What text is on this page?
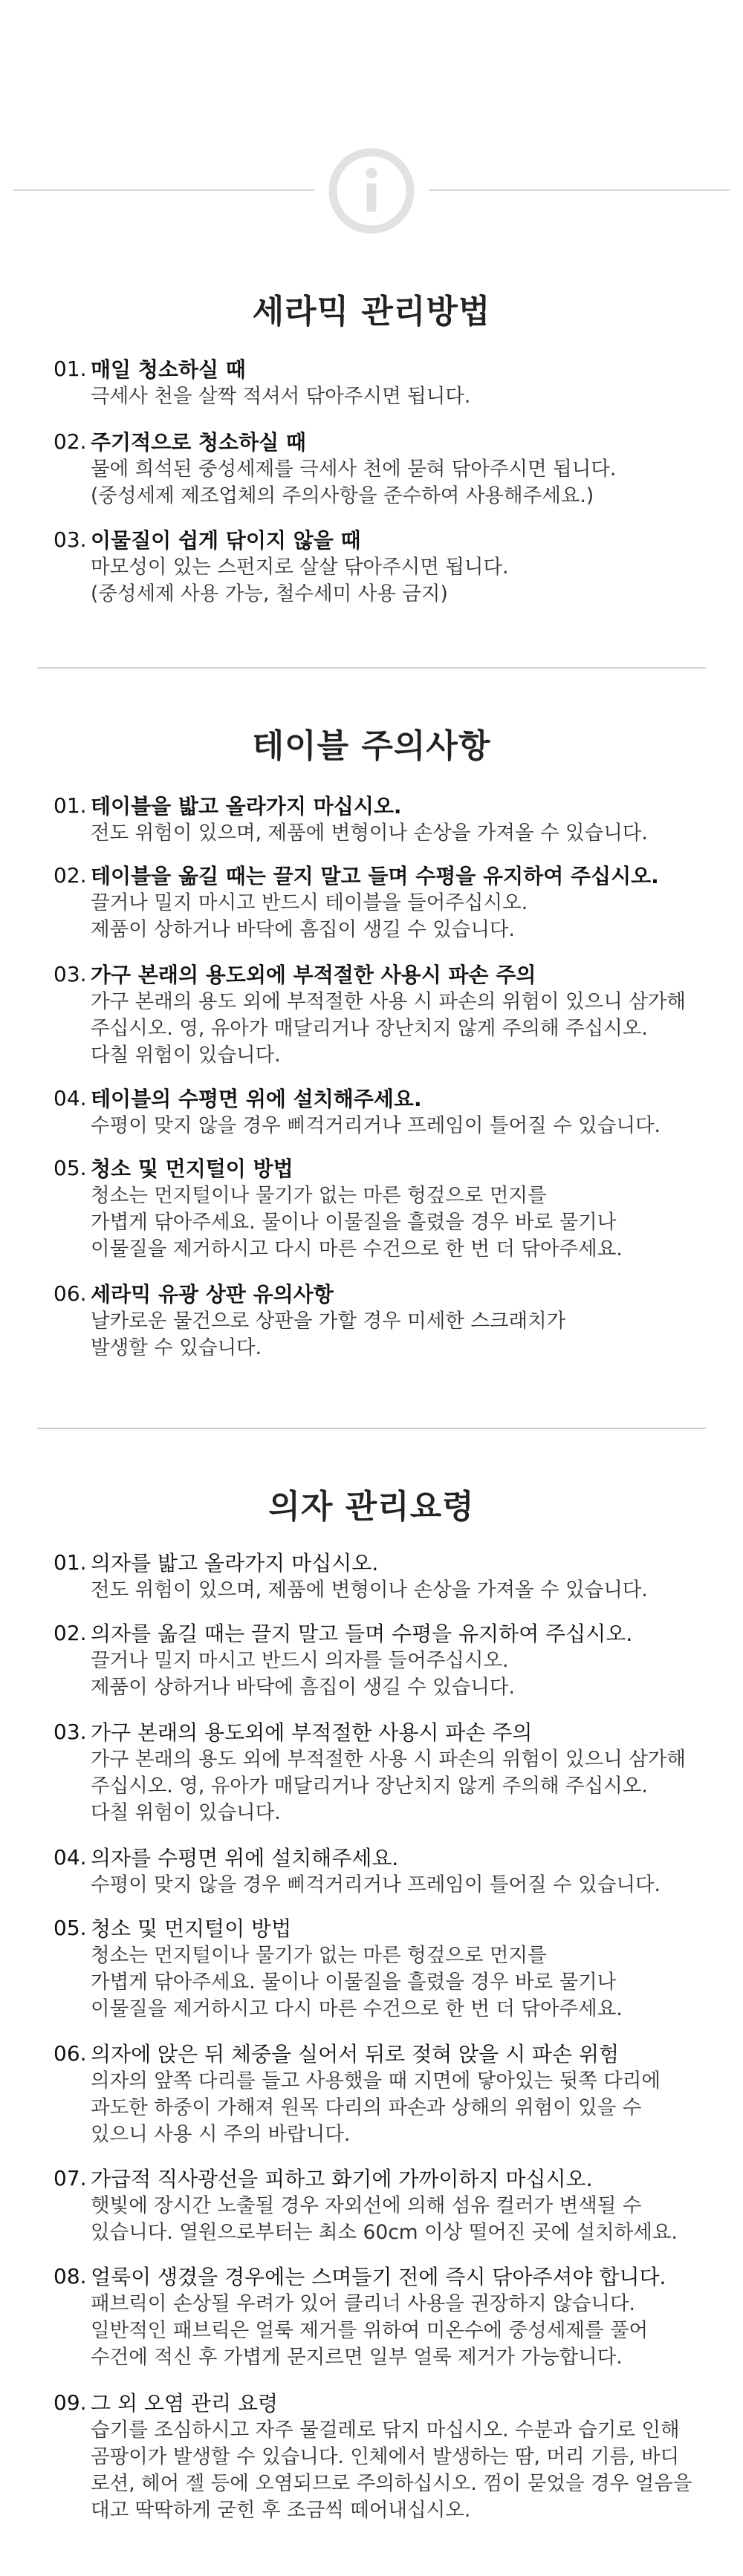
세라믹 관리방법
01. 매일 청소하실 때
극세사 천을 살짝 적셔서 닦아주시면 됩니다.
02. 주기적으로 청소하실 때
물에 희석된 중성세제를 극세사 천에 묻혀 닦아주시면 됩니다.
(중성세제 제조업체의 주의사항을 준수하여 사용해주세요.)
03. 이물질이 쉽게 닦이지 않을 때
마모성이 있는 스펀지로 살살 닦아주시면 됩니다.
(중성세제 사용 가능, 철수세미 사용 금지)
테이블 주의사항
01. 테이블을 밟고 올라가지 마십시오.
전도 위험이 있으며, 제품에 변형이나 손상을 가져올 수 있습니다.
02. 테이블을 옮길 때는 끌지 말고 들며 수평을 유지하여 주십시오.
끌거나 밀지 마시고 반드시 테이블을 들어주십시오.
제품이 상하거나 바닥에 흠집이 생길 수 있습니다.
03. 가구 본래의 용도외에 부적절한 사용시 파손 주의
가구 본래의 용도 외에 부적절한 사용 시 파손의 위험이 있으니 삼가해
주십시오. 영, 유아가 매달리거나 장난치지 않게 주의해 주십시오.
다칠 위험이 있습니다.
04. 테이블의 수평면 위에 설치해주세요.
수평이 맞지 않을 경우 삐걱거리거나 프레임이 틀어질 수 있습니다.
05. 청소 및 먼지털이 방법
청소는 먼지털이나 물기가 없는 마른 헝겊으로 먼지를
가볍게 닦아주세요. 물이나 이물질을 흘렸을 경우 바로 물기나
이물질을 제거하시고 다시 마른 수건으로 한 번 더 닦아주세요.
06. 세라믹 유광 상판 유의사항
날카로운 물건으로 상판을 가할 경우 미세한 스크래치가
발생할 수 있습니다.
의자 관리요령
01. 의자를 밟고 올라가지 마십시오.
전도 위험이 있으며, 제품에 변형이나 손상을 가져올 수 있습니다.
02. 의자를 옮길 때는 끌지 말고 들며 수평을 유지하여 주십시오.
끌거나 밀지 마시고 반드시 의자를 들어주십시오.
제품이 상하거나 바닥에 흠집이 생길 수 있습니다.
03. 가구 본래의 용도외에 부적절한 사용시 파손 주의
가구 본래의 용도 외에 부적절한 사용 시 파손의 위험이 있으니 삼가해
주십시오. 영, 유아가 매달리거나 장난치지 않게 주의해 주십시오.
다칠 위험이 있습니다.
04. 의자를 수평면 위에 설치해주세요.
수평이 맞지 않을 경우 삐걱거리거나 프레임이 틀어질 수 있습니다.
05. 청소 및 먼지털이 방법
청소는 먼지털이나 물기가 없는 마른 헝겊으로 먼지를
가볍게 닦아주세요. 물이나 이물질을 흘렸을 경우 바로 물기나
이물질을 제거하시고 다시 마른 수건으로 한 번 더 닦아주세요.
06. 의자에 앉은 뒤 체중을 실어서 뒤로 젖혀 앉을 시 파손 위험
의자의 앞쪽 다리를 들고 사용했을 때 지면에 닿아있는 뒷쪽 다리에
과도한 하중이 가해져 원목 다리의 파손과 상해의 위험이 있을 수
있으니 사용 시 주의 바랍니다.
07. 가급적 직사광선을 피하고 화기에 가까이하지 마십시오.
햇빛에 장시간 노출될 경우 자외선에 의해 섬유 컬러가 변색될 수
있습니다. 열원으로부터는 최소 60cm 이상 떨어진 곳에 설치하세요.
08. 얼룩이 생겼을 경우에는 스며들기 전에 즉시 닦아주셔야 합니다.
패브릭이 손상될 우려가 있어 클리너 사용을 권장하지 않습니다.
일반적인 패브릭은 얼룩 제거를 위하여 미온수에 중성세제를 풀어
수건에 적신 후 가볍게 문지르면 일부 얼룩 제거가 가능합니다.
09. 그 외 오염 관리 요령
습기를 조심하시고 자주 물걸레로 닦지 마십시오. 수분과 습기로 인해
곰팡이가 발생할 수 있습니다. 인체에서 발생하는 땀, 머리 기름, 바디
로션, 헤어 젤 등에 오염되므로 주의하십시오. 껌이 묻었을 경우 얼음을
대고 딱딱하게 굳힌 후 조금씩 떼어내십시오.
